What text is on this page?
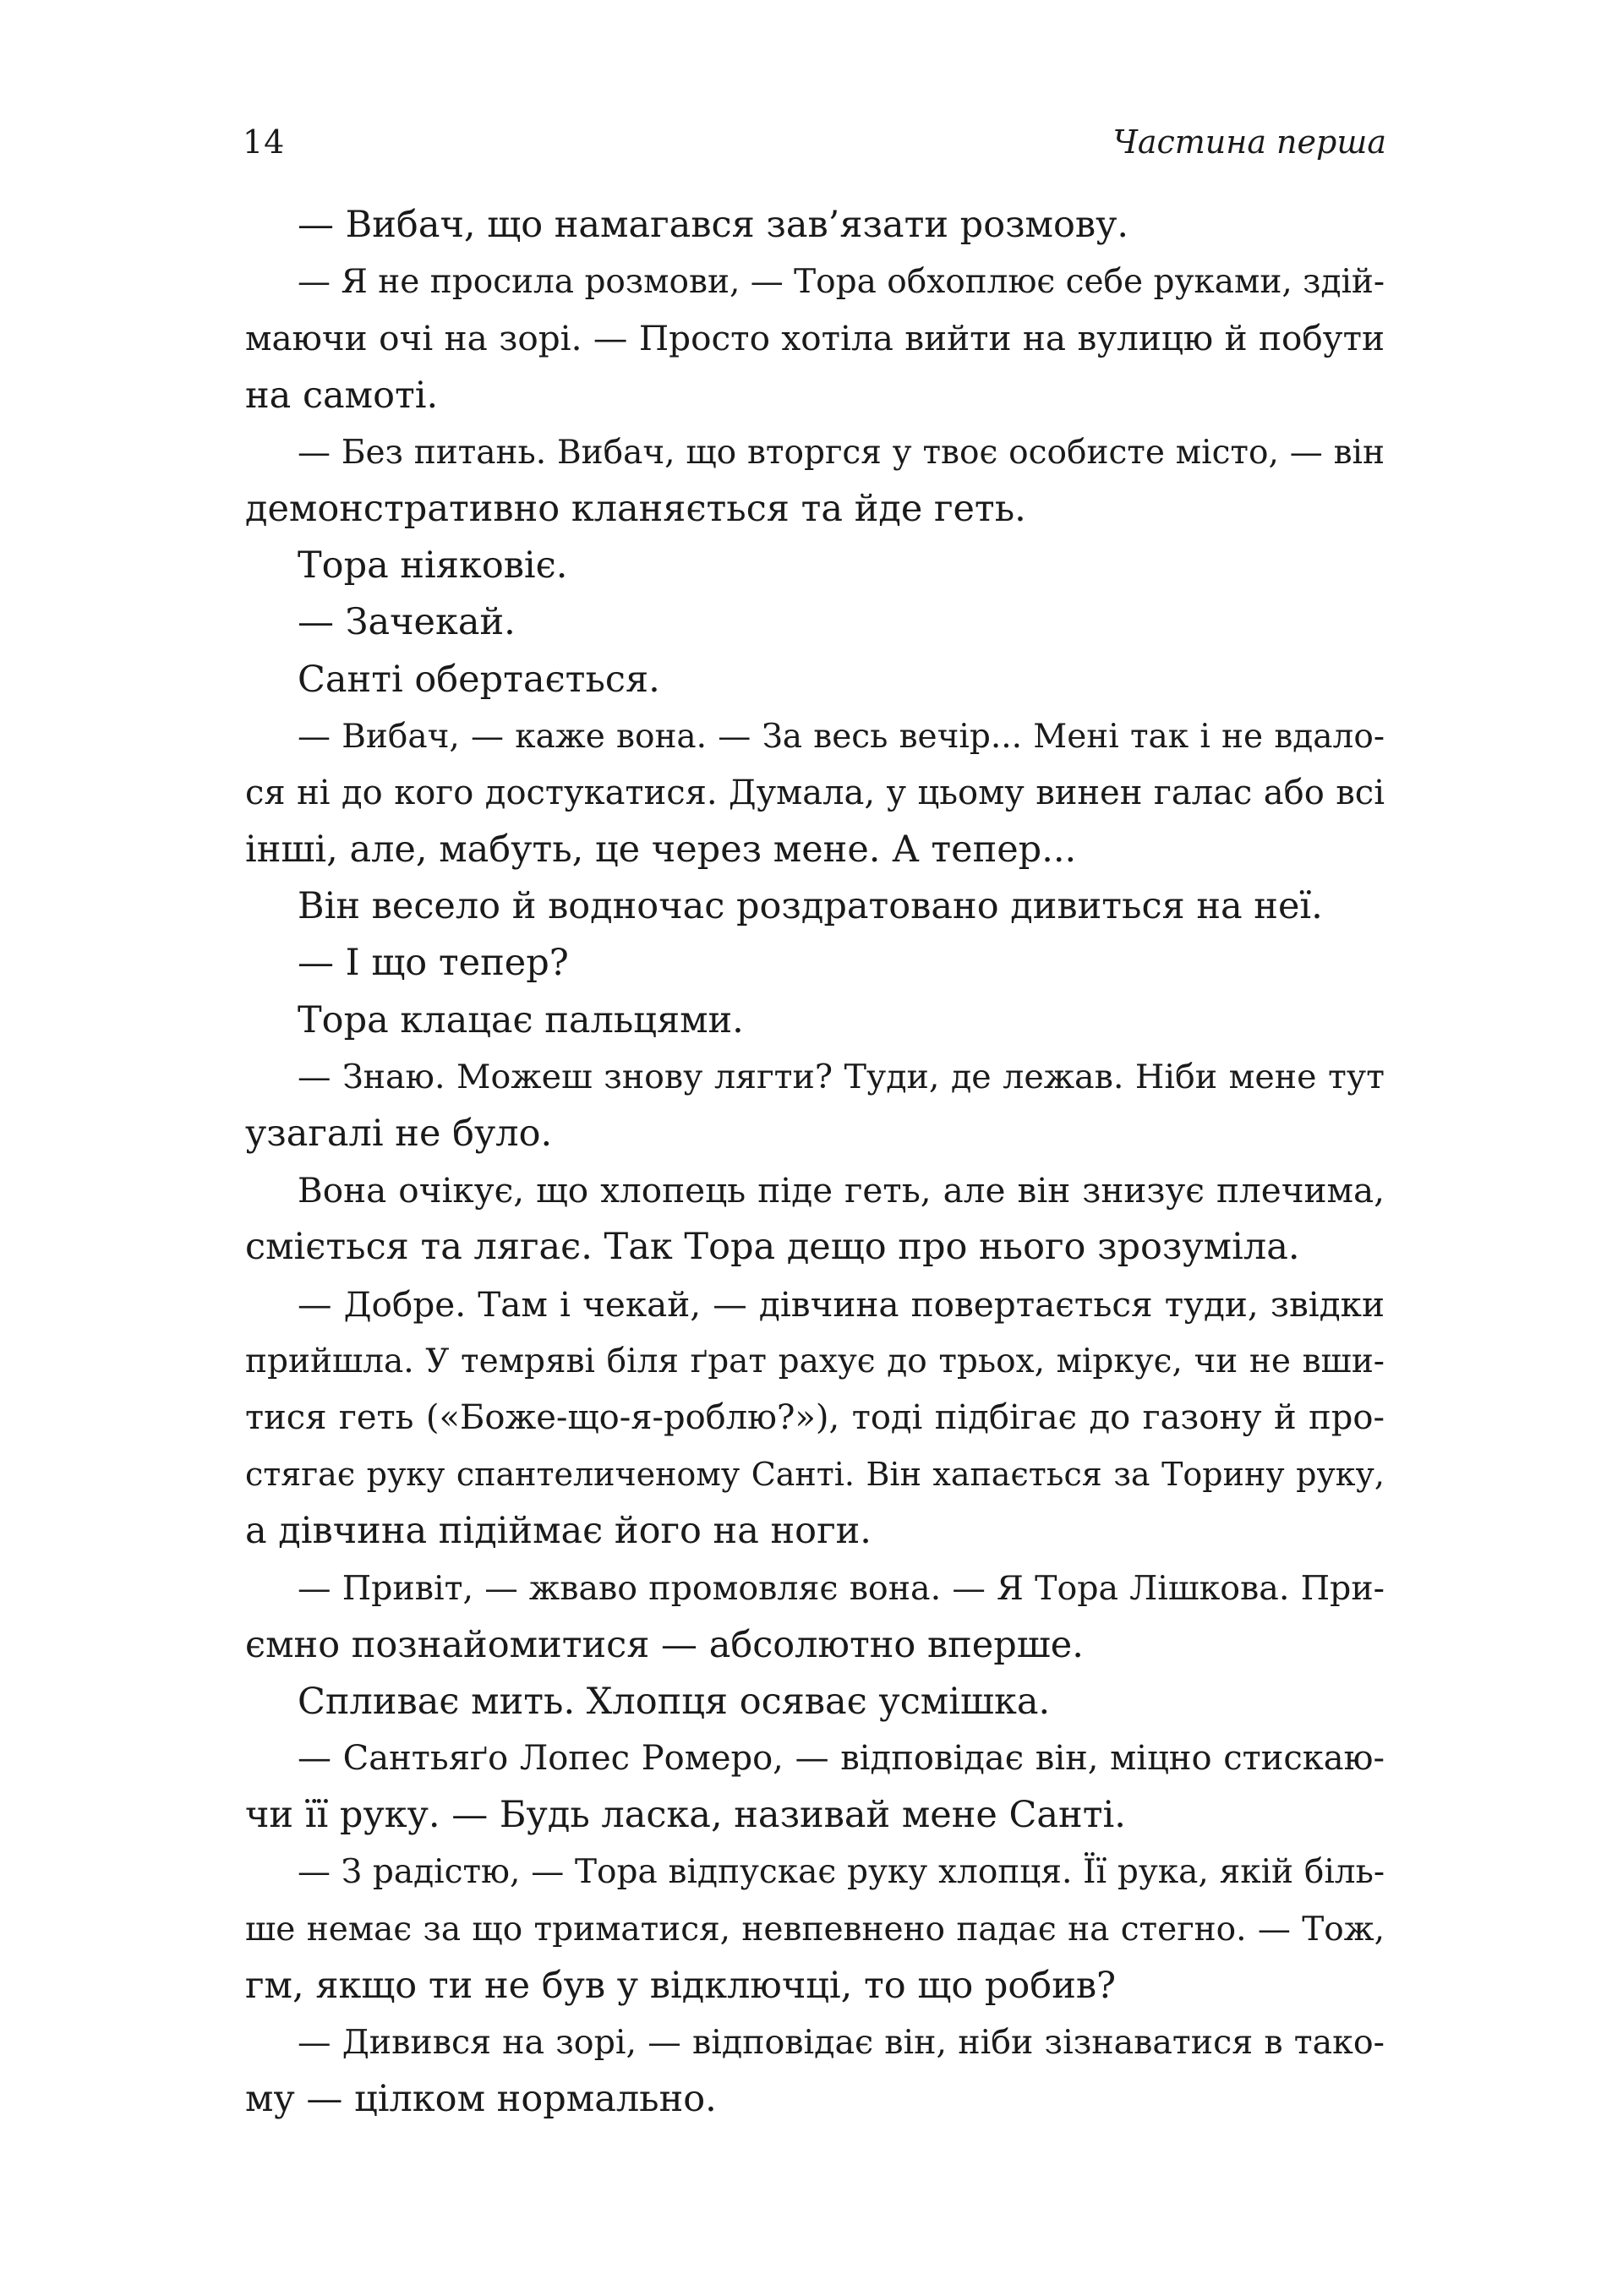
14	Частина перша
— Вибач, що намагався зав’язати розмову.
— Я не просила розмови, — Тора обхоплює себе руками, здій-
маючи очі на зорі. — Просто хотіла вийти на вулицю й побути
на самоті.
— Без питань. Вибач, що вторгся у твоє особисте місто, — він
демонстративно кланяється та йде геть.
Тора ніяковіє.
— Зачекай.
Санті обертається.
— Вибач, — каже вона. — За весь вечір... Мені так і не вдало-
ся ні до кого достукатися. Думала, у цьому винен галас або всі
інші, але, мабуть, це через мене. А тепер...
Він весело й водночас роздратовано дивиться на неї.
— І що тепер?
Тора клацає пальцями.
— Знаю. Можеш знову лягти? Туди, де лежав. Ніби мене тут
узагалі не було.
Вона очікує, що хлопець піде геть, але він знизує плечима,
сміється та лягає. Так Тора дещо про нього зрозуміла.
— Добре. Там і чекай, — дівчина повертається туди, звідки
прийшла. У темряві біля ґрат рахує до трьох, міркує, чи не вши-
тися геть («Боже-що-я-роблю?»), тоді підбігає до газону й про-
стягає руку спантеличеному Санті. Він хапається за Торину руку,
а дівчина підіймає його на ноги.
— Привіт, — жваво промовляє вона. — Я Тора Лішкова. При-
ємно познайомитися — абсолютно вперше.
Спливає мить. Хлопця осяває усмішка.
— Сантьяґо Лопес Ромеро, — відповідає він, міцно стискаю-
чи її руку. — Будь ласка, називай мене Санті.
— З радістю, — Тора відпускає руку хлопця. Її рука, якій біль-
ше немає за що триматися, невпевнено падає на стегно. — Тож,
гм, якщо ти не був у відключці, то що робив?
— Дивився на зорі, — відповідає він, ніби зізнаватися в тако-
му — цілком нормально.
